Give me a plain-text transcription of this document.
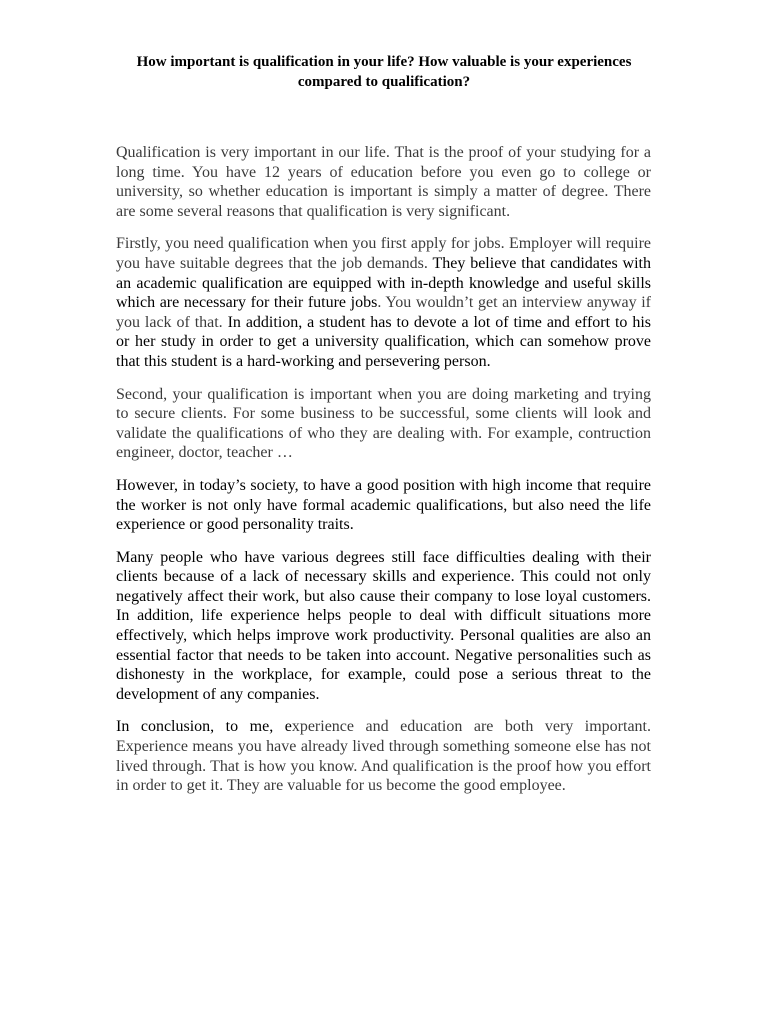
How important is qualification in your life? How valuable is your experiences compared to qualification?

Qualification is very important in our life. That is the proof of your studying for a long time. You have 12 years of education before you even go to college or university, so whether education is important is simply a matter of degree. There are some several reasons that qualification is very significant.

Firstly, you need qualification when you first apply for jobs. Employer will require you have suitable degrees that the job demands. They believe that candidates with an academic qualification are equipped with in-depth knowledge and useful skills which are necessary for their future jobs. You wouldn’t get an interview anyway if you lack of that. In addition, a student has to devote a lot of time and effort to his or her study in order to get a university qualification, which can somehow prove that this student is a hard-working and persevering person.

Second, your qualification is important when you are doing marketing and trying to secure clients. For some business to be successful, some clients will look and validate the qualifications of who they are dealing with. For example, contruction engineer, doctor, teacher …

However, in today’s society, to have a good position with high income that require the worker is not only have formal academic qualifications, but also need the life experience or good personality traits.

Many people who have various degrees still face difficulties dealing with their clients because of a lack of necessary skills and experience. This could not only negatively affect their work, but also cause their company to lose loyal customers. In addition, life experience helps people to deal with difficult situations more effectively, which helps improve work productivity. Personal qualities are also an essential factor that needs to be taken into account. Negative personalities such as dishonesty in the workplace, for example, could pose a serious threat to the development of any companies.

In conclusion, to me, experience and education are both very important. Experience means you have already lived through something someone else has not lived through. That is how you know. And qualification is the proof how you effort in order to get it. They are valuable for us become the good employee.
